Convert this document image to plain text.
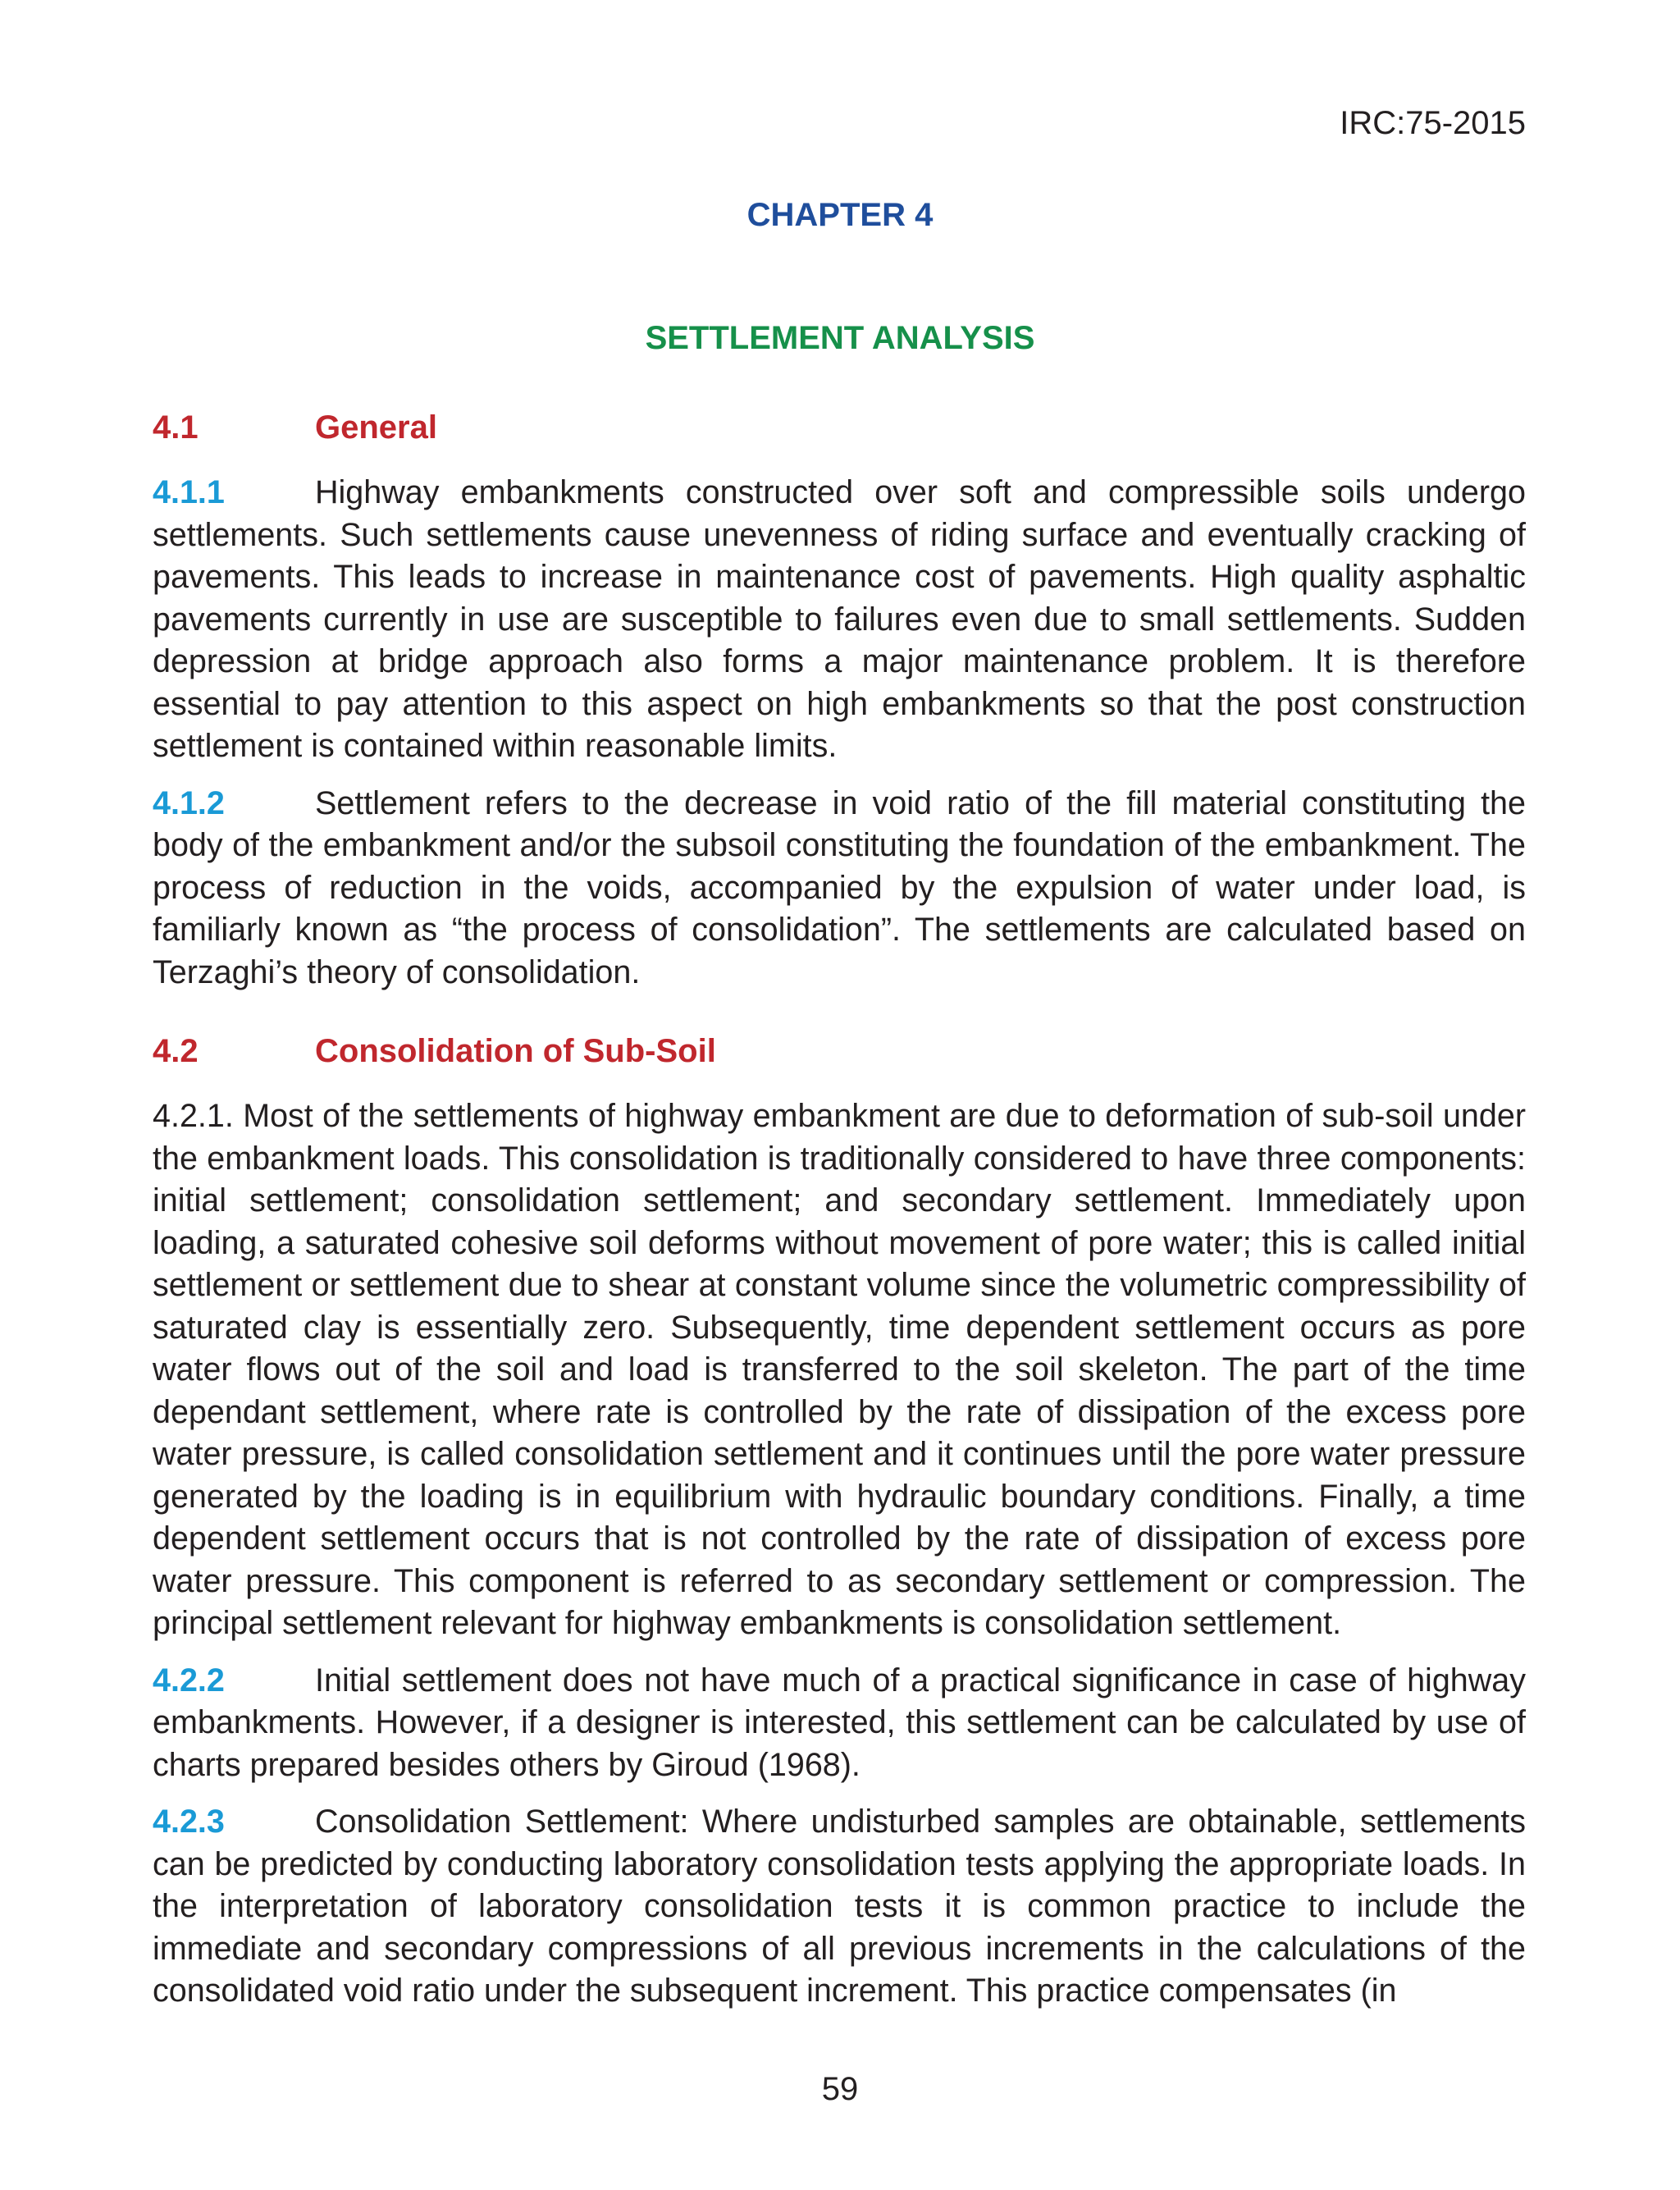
IRC:75-2015
CHAPTER 4
SETTLEMENT ANALYSIS
4.1	General

4.1.1	Highway embankments constructed over soft and compressible soils undergo settlements. Such settlements cause unevenness of riding surface and eventually cracking of pavements. This leads to increase in maintenance cost of pavements. High quality asphaltic pavements currently in use are susceptible to failures even due to small settlements. Sudden depression at bridge approach also forms a major maintenance problem. It is therefore essential to pay attention to this aspect on high embankments so that the post construction settlement is contained within reasonable limits.

4.1.2	Settlement refers to the decrease in void ratio of the fill material constituting the body of the embankment and/or the subsoil constituting the foundation of the embankment. The process of reduction in the voids, accompanied by the expulsion of water under load, is familiarly known as “the process of consolidation”. The settlements are calculated based on Terzaghi’s theory of consolidation.

4.2	Consolidation of Sub-Soil

4.2.1. Most of the settlements of highway embankment are due to deformation of sub-soil under the embankment loads. This consolidation is traditionally considered to have three components: initial settlement; consolidation settlement; and secondary settlement. Immediately upon loading, a saturated cohesive soil deforms without movement of pore water; this is called initial settlement or settlement due to shear at constant volume since the volumetric compressibility of saturated clay is essentially zero. Subsequently, time dependent settlement occurs as pore water flows out of the soil and load is transferred to the soil skeleton. The part of the time dependant settlement, where rate is controlled by the rate of dissipation of the excess pore water pressure, is called consolidation settlement and it continues until the pore water pressure generated by the loading is in equilibrium with hydraulic boundary conditions. Finally, a time dependent settlement occurs that is not controlled by the rate of dissipation of excess pore water pressure. This component is referred to as secondary settlement or compression. The principal settlement relevant for highway embankments is consolidation settlement.

4.2.2	Initial settlement does not have much of a practical significance in case of highway embankments. However, if a designer is interested, this settlement can be calculated by use of charts prepared besides others by Giroud (1968).

4.2.3	Consolidation Settlement: Where undisturbed samples are obtainable, settlements can be predicted by conducting laboratory consolidation tests applying the appropriate loads. In the interpretation of laboratory consolidation tests it is common practice to include the immediate and secondary compressions of all previous increments in the calculations of the consolidated void ratio under the subsequent increment. This practice compensates (in

59
